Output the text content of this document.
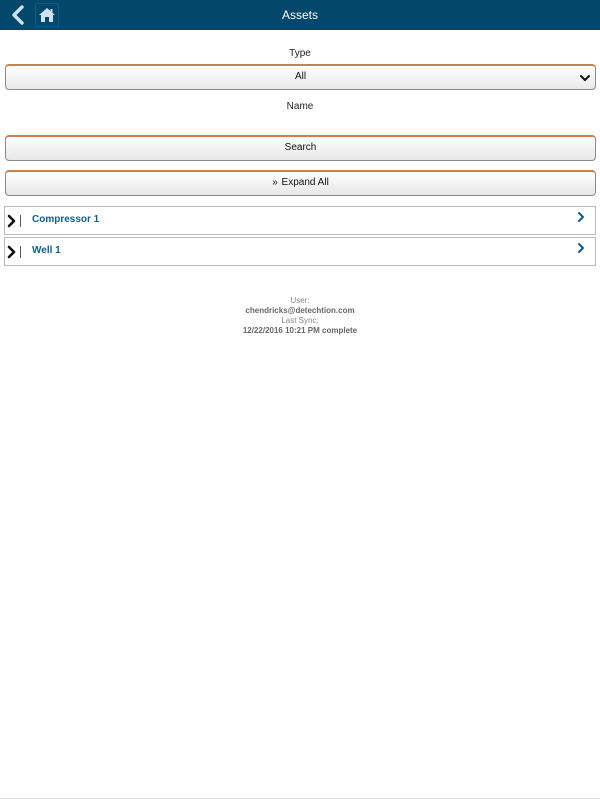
Assets
Type
All
Name
Search
» Expand All
Compressor 1
Well 1
User:
chendricks@detechtion.com
Last Sync:
12/22/2016 10:21 PM complete
